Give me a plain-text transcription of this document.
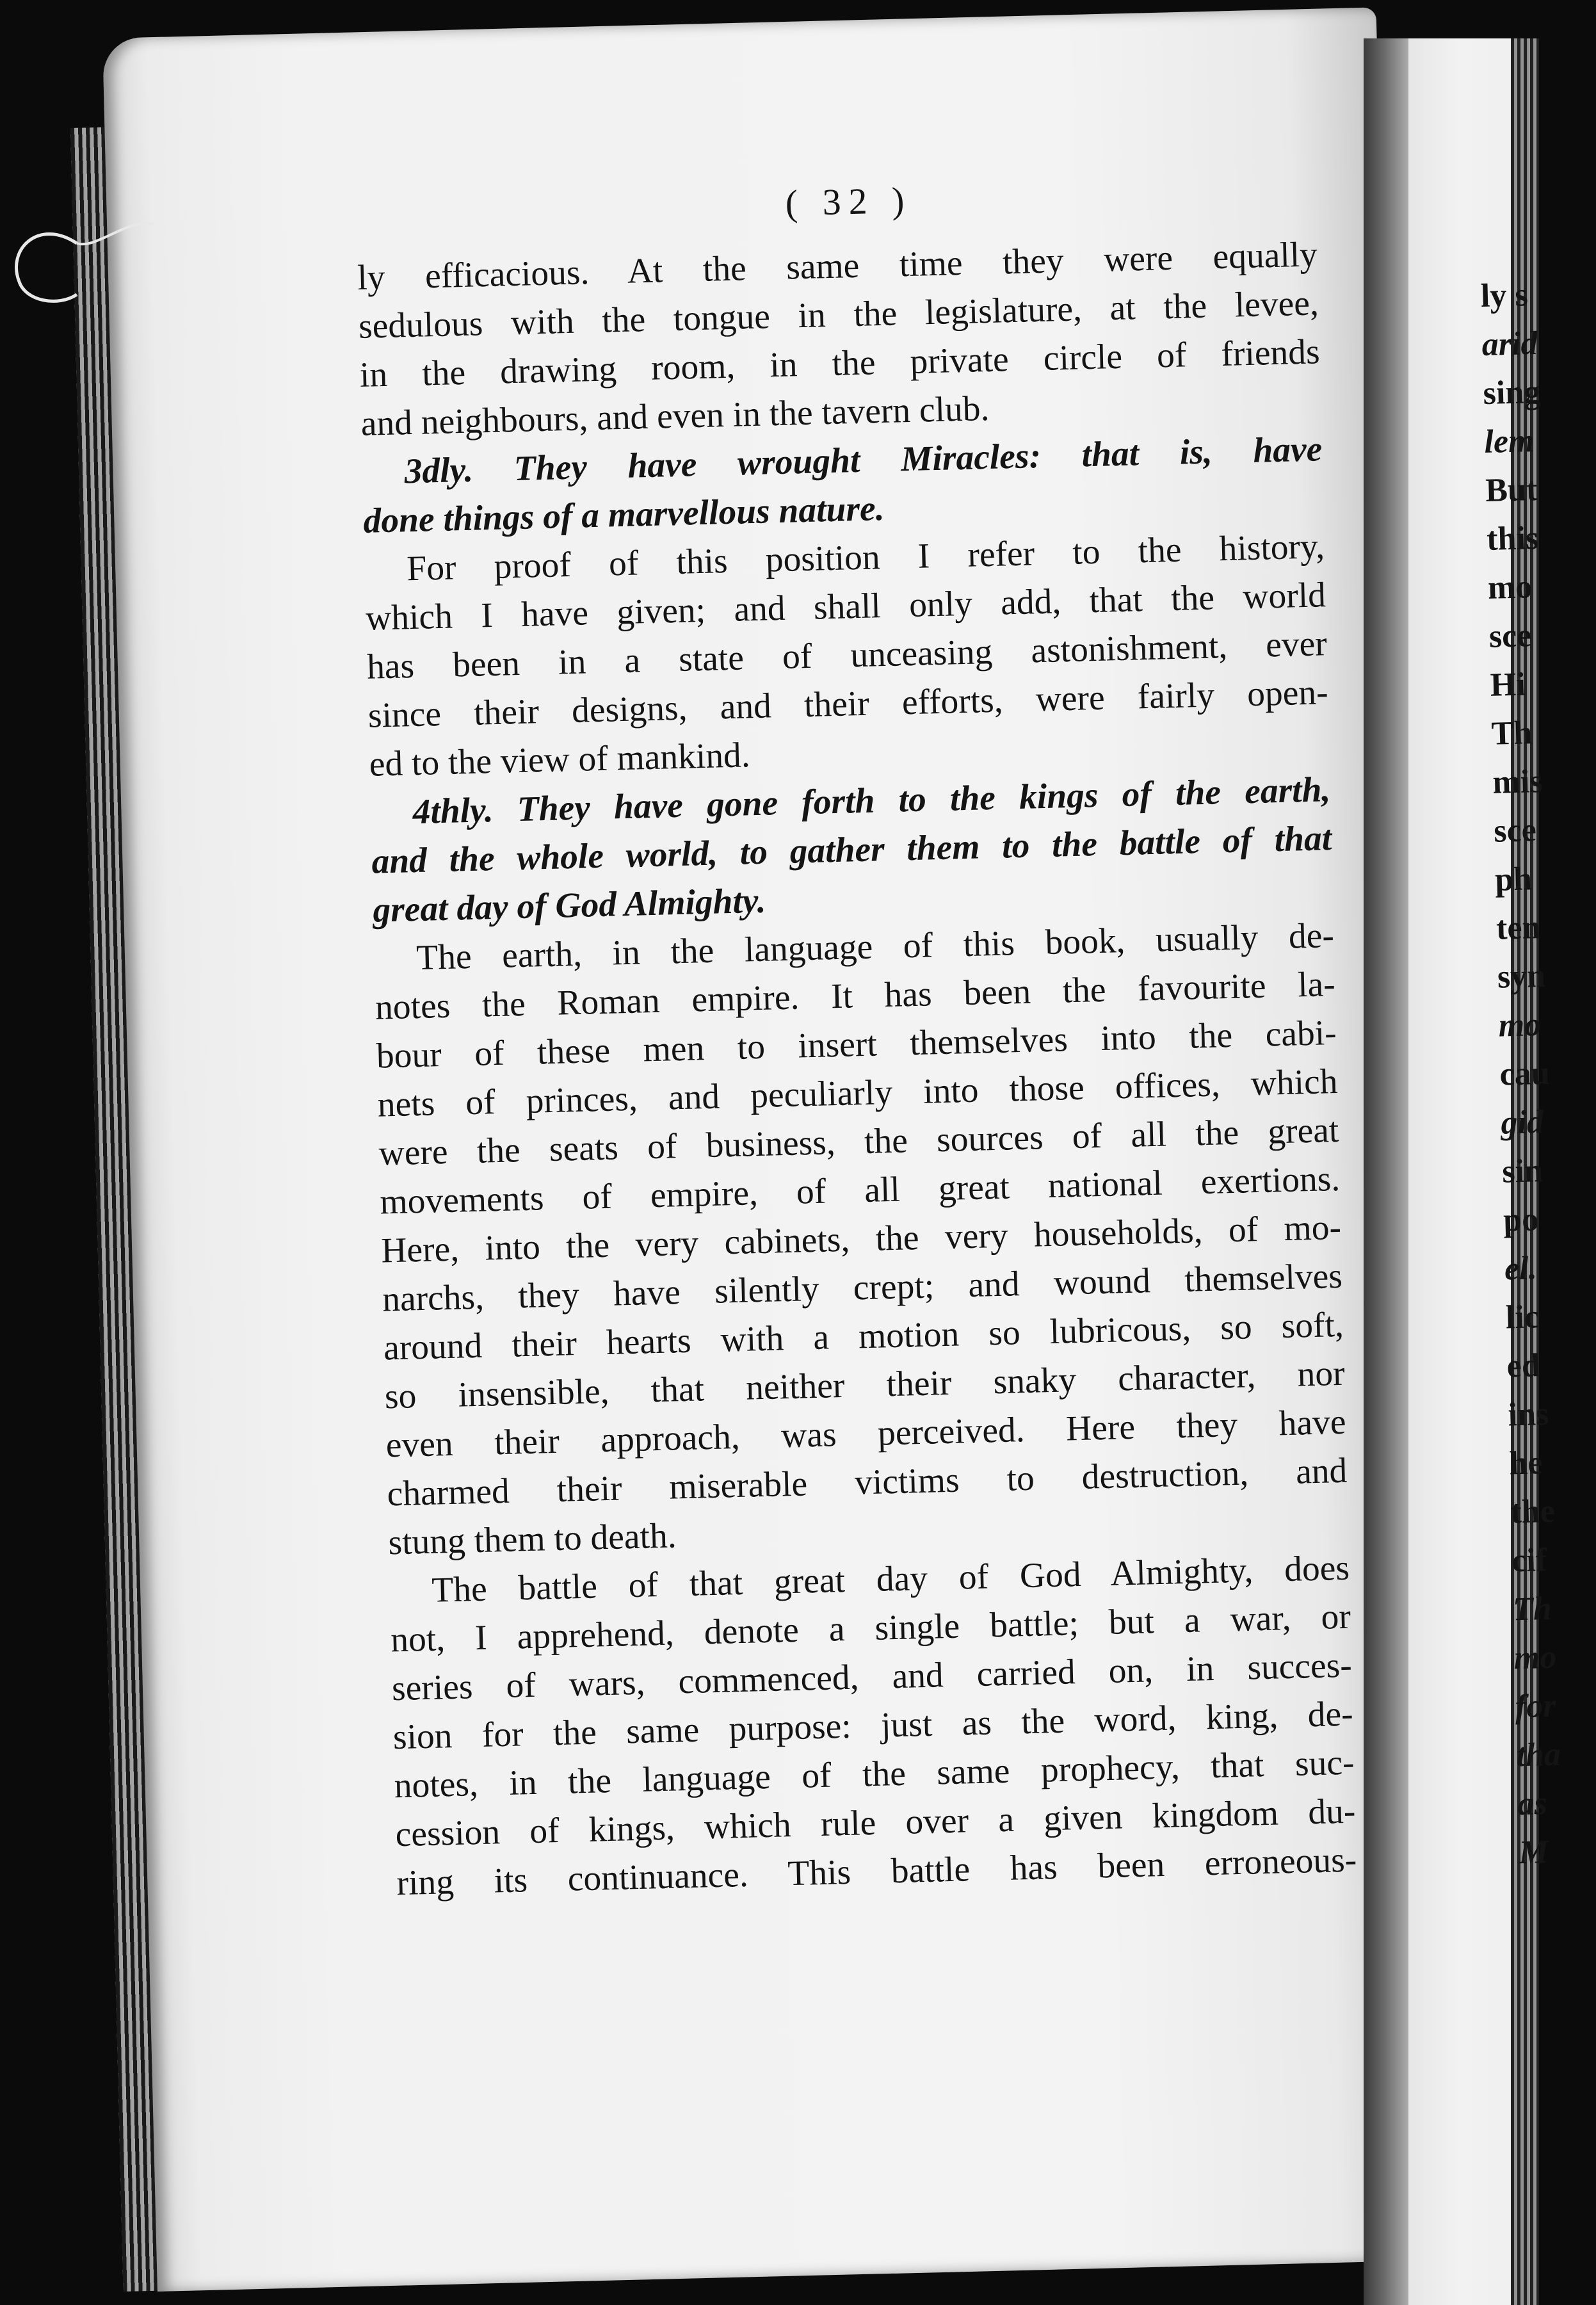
( 32 )
ly efficacious. At the same time they were equally
sedulous with the tongue in the legislature, at the levee,
in the drawing room, in the private circle of friends
and neighbours, and even in the tavern club.
3dly. They have wrought Miracles: that is, have
done things of a marvellous nature.
For proof of this position I refer to the history,
which I have given; and shall only add, that the world
has been in a state of unceasing astonishment, ever
since their designs, and their efforts, were fairly open-
ed to the view of mankind.
4thly. They have gone forth to the kings of the earth,
and the whole world, to gather them to the battle of that
great day of God Almighty.
The earth, in the language of this book, usually de-
notes the Roman empire. It has been the favourite la-
bour of these men to insert themselves into the cabi-
nets of princes, and peculiarly into those offices, which
were the seats of business, the sources of all the great
movements of empire, of all great national exertions.
Here, into the very cabinets, the very households, of mo-
narchs, they have silently crept; and wound themselves
around their hearts with a motion so lubricous, so soft,
so insensible, that neither their snaky character, nor
even their approach, was perceived. Here they have
charmed their miserable victims to destruction, and
stung them to death.
The battle of that great day of God Almighty, does
not, I apprehend, denote a single battle; but a war, or
series of wars, commenced, and carried on, in succes-
sion for the same purpose: just as the word, king, de-
notes, in the language of the same prophecy, that suc-
cession of kings, which rule over a given kingdom du-
ring its continuance. This battle has been erroneous-
ly s
arid
sing
lem
But
this
mo
sce
Hi
Th
mis
sce
ph
ten
syn
mo
cau
gid
sin
po
el.
lic
ed
ins
he
the
cif
Th
mo
for
tha
as
M
